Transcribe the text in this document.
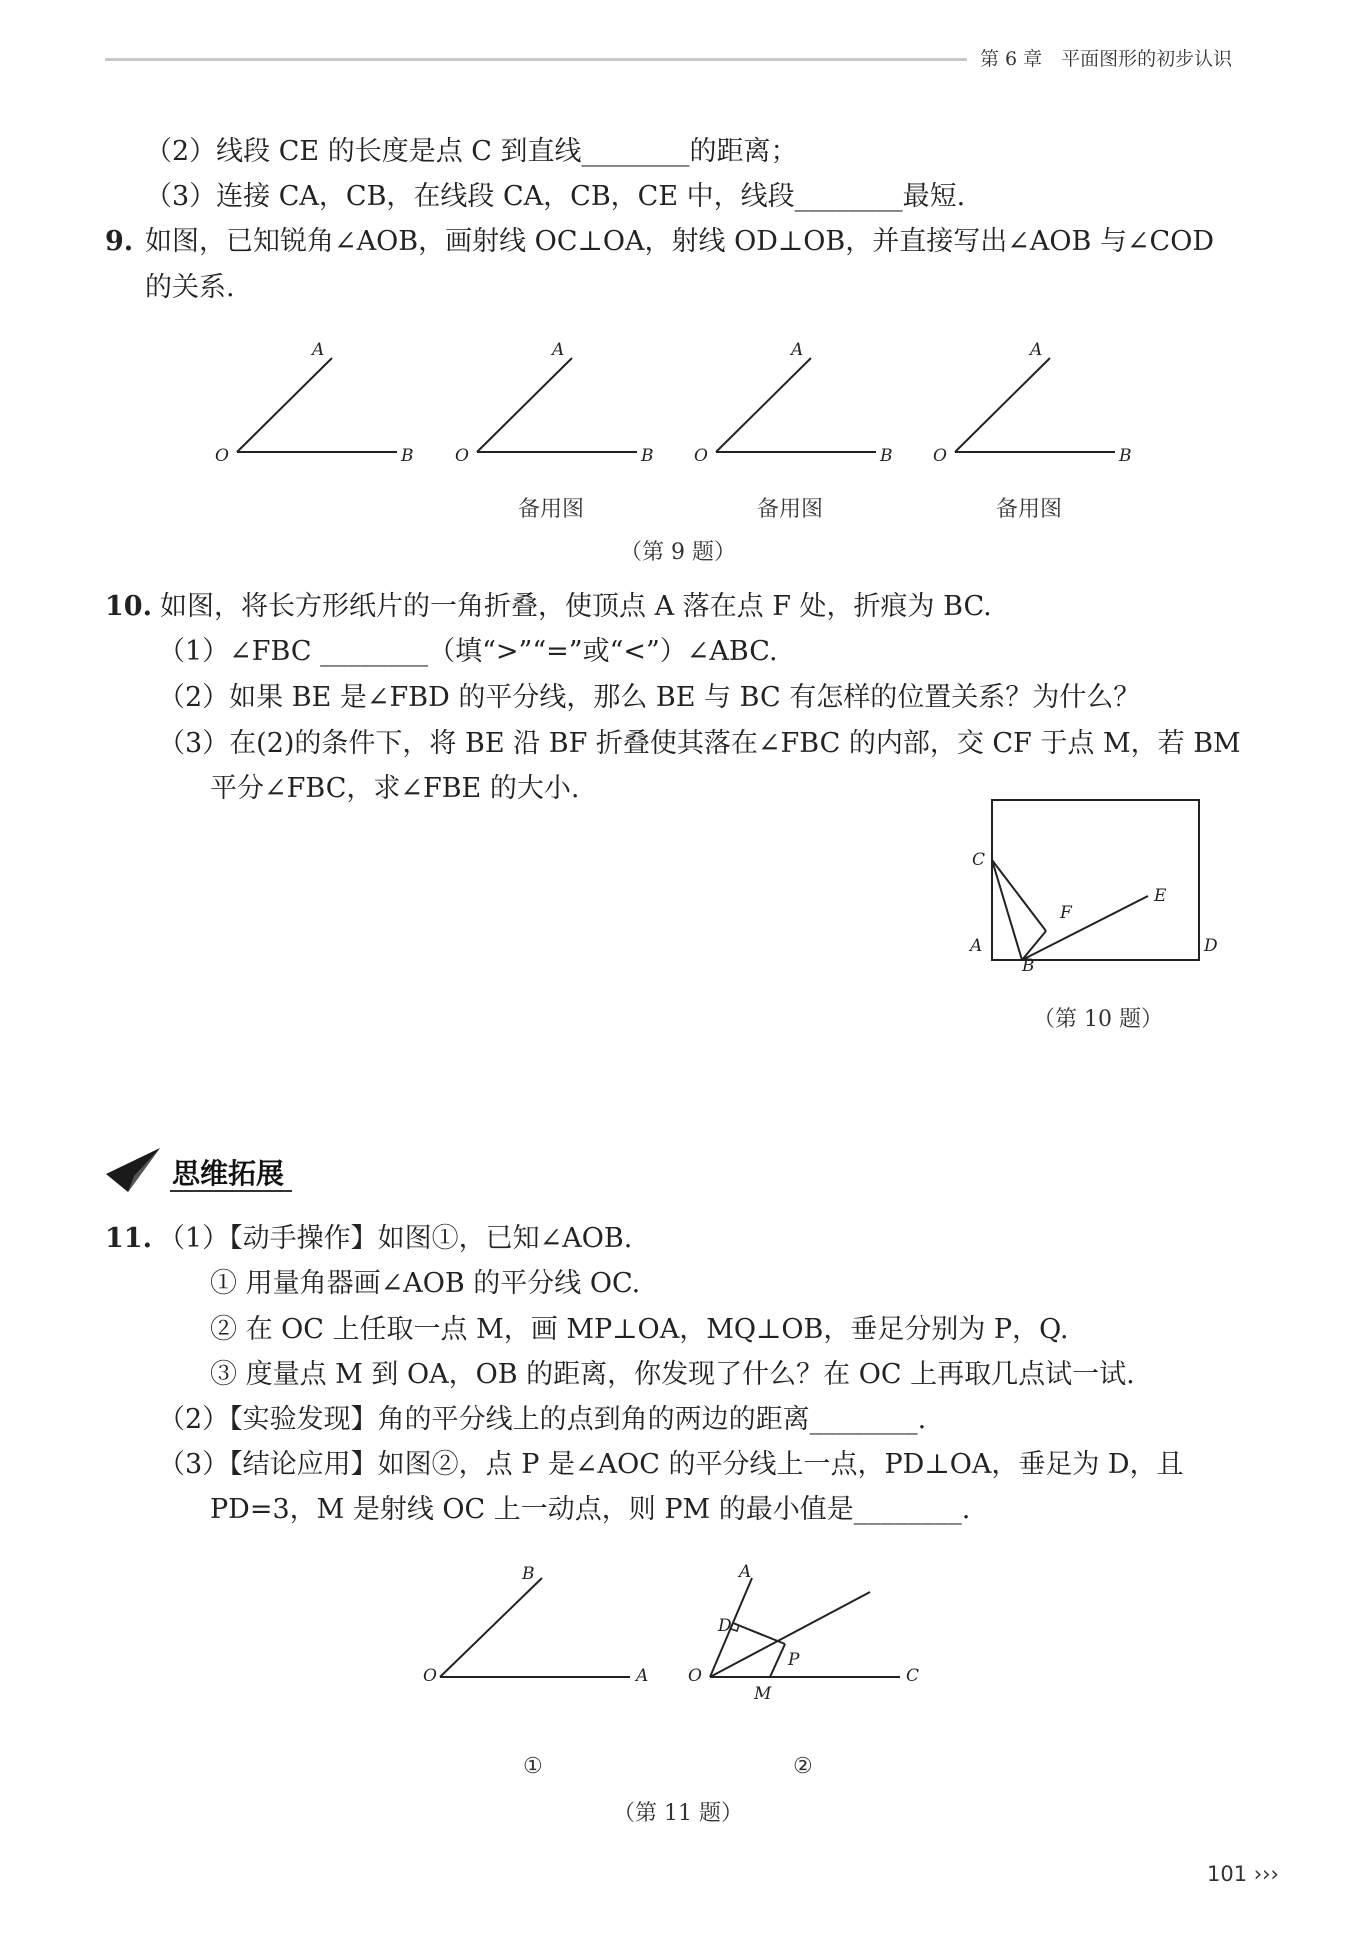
第 6 章　平面图形的初步认识
（2）线段 CE 的长度是点 C 到直线________的距离；
（3）连接 CA，CB，在线段 CA，CB，CE 中，线段________最短.
9. 如图，已知锐角∠AOB，画射线 OC⊥OA，射线 OD⊥OB，并直接写出∠AOB 与∠COD
的关系.
A
O	B
A
O	B
备用图
A
O	B
备用图
A
O	B
备用图
（第 9 题）
10. 如图，将长方形纸片的一角折叠，使顶点 A 落在点 F 处，折痕为 BC.
（1）∠FBC ________（填“>”“=”或“<”）∠ABC.
（2）如果 BE 是∠FBD 的平分线，那么 BE 与 BC 有怎样的位置关系？为什么？
（3）在(2)的条件下，将 BE 沿 BF 折叠使其落在∠FBC 的内部，交 CF 于点 M，若 BM
平分∠FBC，求∠FBE 的大小.
C
F
E
A
B
D
（第 10 题）
思维拓展
11. （1）【动手操作】如图①，已知∠AOB.
① 用量角器画∠AOB 的平分线 OC.
② 在 OC 上任取一点 M，画 MP⊥OA，MQ⊥OB，垂足分别为 P，Q.
③ 度量点 M 到 OA，OB 的距离，你发现了什么？在 OC 上再取几点试一试.
（2）【实验发现】角的平分线上的点到角的两边的距离________.
（3）【结论应用】如图②，点 P 是∠AOC 的平分线上一点，PD⊥OA，垂足为 D，且
PD=3，M 是射线 OC 上一动点，则 PM 的最小值是________.
B
O	A
①
A
D
P
O
M
C
②
（第 11 题）
101 ›››
